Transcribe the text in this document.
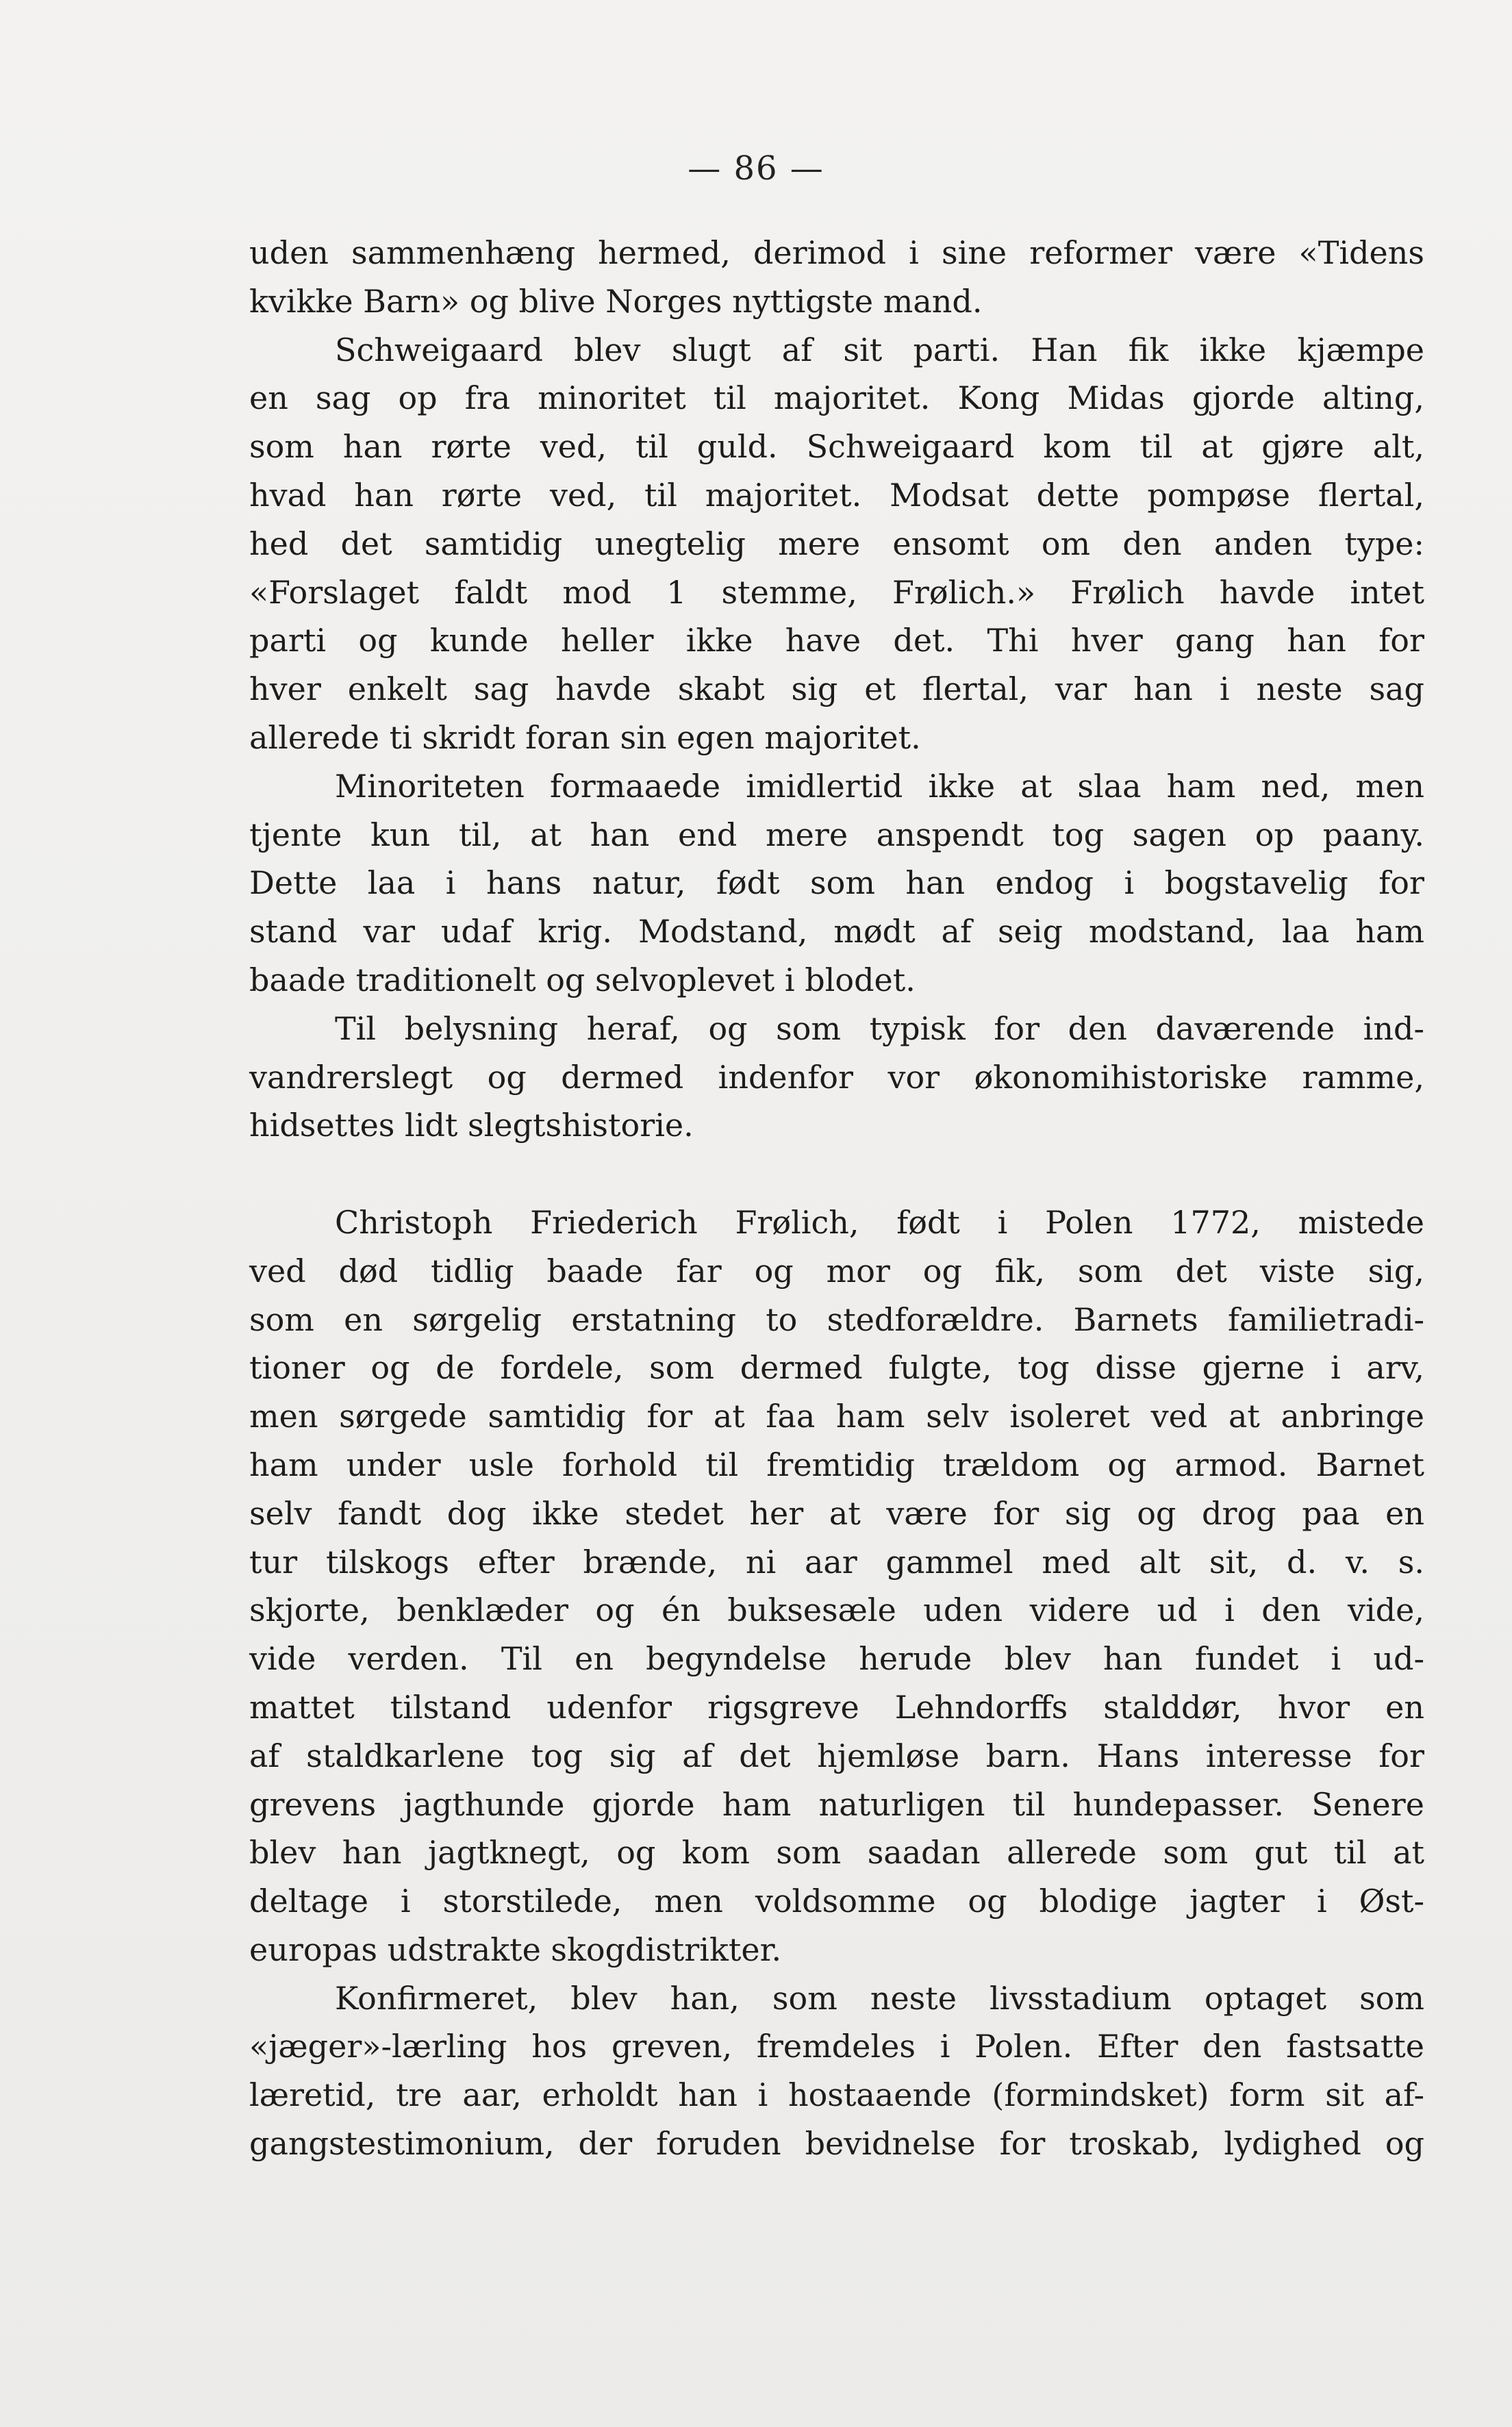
— 86 —
uden sammenhæng hermed, derimod i sine reformer være «Tidens
kvikke Barn» og blive Norges nyttigste mand.
Schweigaard blev slugt af sit parti. Han fik ikke kjæmpe
en sag op fra minoritet til majoritet. Kong Midas gjorde alting,
som han rørte ved, til guld. Schweigaard kom til at gjøre alt,
hvad han rørte ved, til majoritet. Modsat dette pompøse flertal,
hed det samtidig unegtelig mere ensomt om den anden type:
«Forslaget faldt mod 1 stemme, Frølich.» Frølich havde intet
parti og kunde heller ikke have det. Thi hver gang han for
hver enkelt sag havde skabt sig et flertal, var han i neste sag
allerede ti skridt foran sin egen majoritet.
Minoriteten formaaede imidlertid ikke at slaa ham ned, men
tjente kun til, at han end mere anspendt tog sagen op paany.
Dette laa i hans natur, født som han endog i bogstavelig for
stand var udaf krig. Modstand, mødt af seig modstand, laa ham
baade traditionelt og selvoplevet i blodet.
Til belysning heraf, og som typisk for den daværende ind-
vandrerslegt og dermed indenfor vor økonomihistoriske ramme,
hidsettes lidt slegtshistorie.
Christoph Friederich Frølich, født i Polen 1772, mistede
ved død tidlig baade far og mor og fik, som det viste sig,
som en sørgelig erstatning to stedforældre. Barnets familietradi-
tioner og de fordele, som dermed fulgte, tog disse gjerne i arv,
men sørgede samtidig for at faa ham selv isoleret ved at anbringe
ham under usle forhold til fremtidig trældom og armod. Barnet
selv fandt dog ikke stedet her at være for sig og drog paa en
tur tilskogs efter brænde, ni aar gammel med alt sit, d. v. s.
skjorte, benklæder og én buksesæle uden videre ud i den vide,
vide verden. Til en begyndelse herude blev han fundet i ud-
mattet tilstand udenfor rigsgreve Lehndorffs stalddør, hvor en
af staldkarlene tog sig af det hjemløse barn. Hans interesse for
grevens jagthunde gjorde ham naturligen til hundepasser. Senere
blev han jagtknegt, og kom som saadan allerede som gut til at
deltage i storstilede, men voldsomme og blodige jagter i Øst-
europas udstrakte skogdistrikter.
Konfirmeret, blev han, som neste livsstadium optaget som
«jæger»-lærling hos greven, fremdeles i Polen. Efter den fastsatte
læretid, tre aar, erholdt han i hostaaende (formindsket) form sit af-
gangstestimonium, der foruden bevidnelse for troskab, lydighed og
